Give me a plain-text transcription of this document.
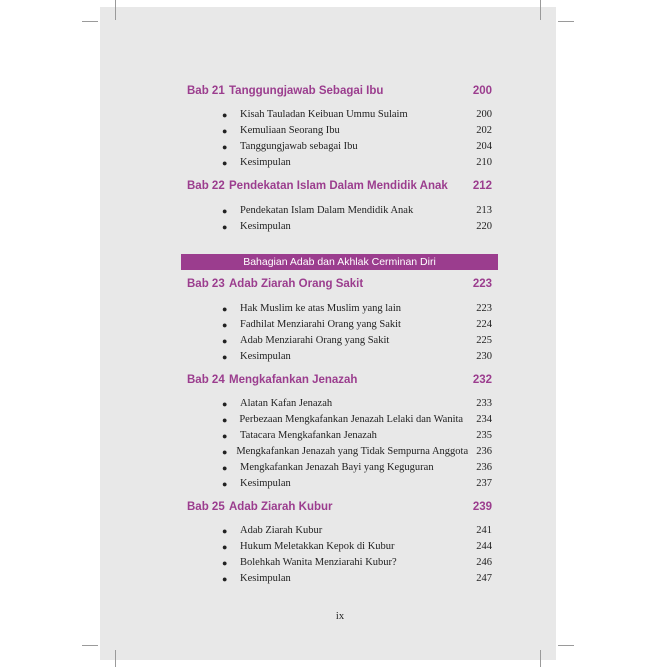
Bab 21 Tanggungjawab Sebagai Ibu	200
●	Kisah Tauladan Keibuan Ummu Sulaim	200
●	Kemuliaan Seorang Ibu	202
●	Tanggungjawab sebagai Ibu	204
●	Kesimpulan	210
Bab 22 Pendekatan Islam Dalam Mendidik Anak	212
●	Pendekatan Islam Dalam Mendidik Anak	213
●	Kesimpulan	220
Bahagian Adab dan Akhlak Cerminan Diri
Bab 23 Adab Ziarah Orang Sakit	223
●	Hak Muslim ke atas Muslim yang lain	223
●	Fadhilat Menziarahi Orang yang Sakit	224
●	Adab Menziarahi Orang yang Sakit	225
●	Kesimpulan	230
Bab 24 Mengkafankan Jenazah	232
●	Alatan Kafan Jenazah	233
●	Perbezaan Mengkafankan Jenazah Lelaki dan Wanita	234
●	Tatacara Mengkafankan Jenazah	235
● Mengkafankan Jenazah yang Tidak Sempurna Anggota 236
●	Mengkafankan Jenazah Bayi yang Keguguran	236
●	Kesimpulan	237
Bab 25 Adab Ziarah Kubur	239
●	Adab Ziarah Kubur	241
●	Hukum Meletakkan Kepok di Kubur	244
●	Bolehkah Wanita Menziarahi Kubur?	246
●	Kesimpulan	247
ix
